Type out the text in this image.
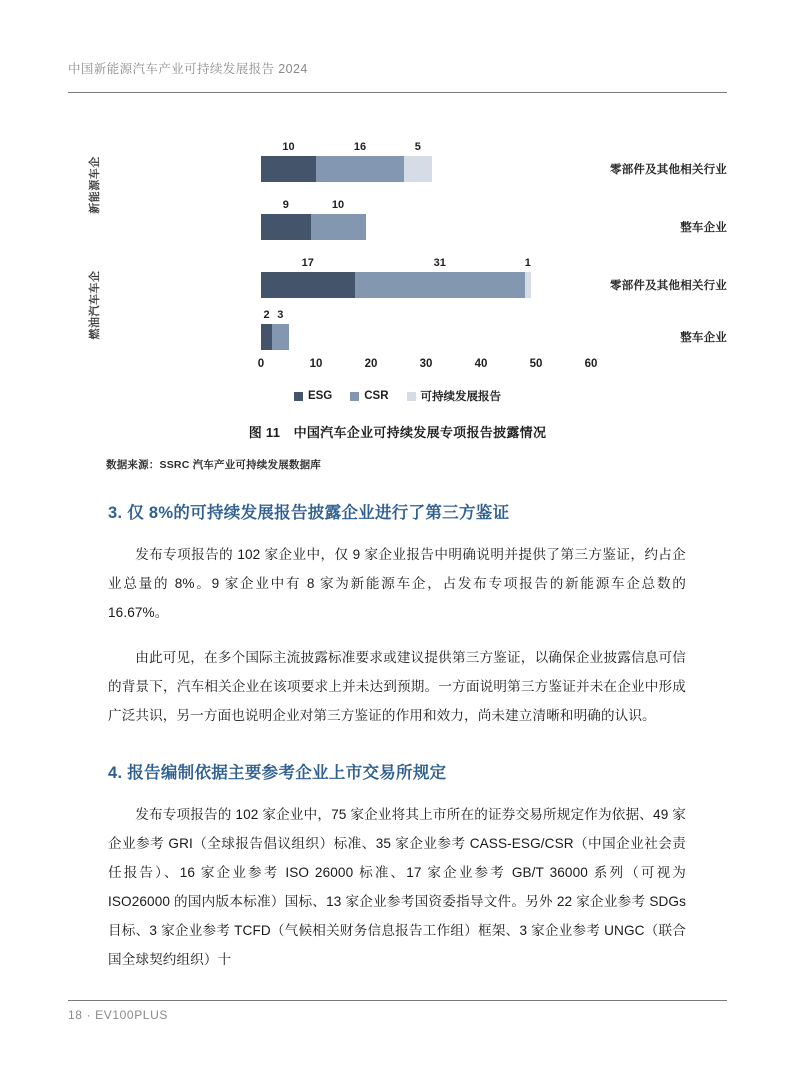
中国新能源汽车产业可持续发展报告 2024
新能源车企
燃油汽车车企
零部件及其他相关行业
整车企业
零部件及其他相关行业
整车企业
10	16	5
9	10
17	31	1
2 3
0	10	20	30	40	50	60
ESG	CSR	可持续发展报告
图 11　中国汽车企业可持续发展专项报告披露情况
数据来源：SSRC 汽车产业可持续发展数据库
3. 仅 8%的可持续发展报告披露企业进行了第三方鉴证

发布专项报告的 102 家企业中，仅 9 家企业报告中明确说明并提供了第三方鉴证，约占企业总量的 8%。9 家企业中有 8 家为新能源车企，占发布专项报告的新能源车企总数的 16.67%。

由此可见，在多个国际主流披露标准要求或建议提供第三方鉴证，以确保企业披露信息可信的背景下，汽车相关企业在该项要求上并未达到预期。一方面说明第三方鉴证并未在企业中形成广泛共识，另一方面也说明企业对第三方鉴证的作用和效力，尚未建立清晰和明确的认识。

4. 报告编制依据主要参考企业上市交易所规定

发布专项报告的 102 家企业中，75 家企业将其上市所在的证券交易所规定作为依据、49 家企业参考 GRI（全球报告倡议组织）标准、35 家企业参考 CASS-ESG/CSR（中国企业社会责任报告）、16 家企业参考 ISO 26000 标准、17 家企业参考 GB/T 36000 系列（可视为 ISO26000 的国内版本标准）国标、13 家企业参考国资委指导文件。另外 22 家企业参考 SDGs 目标、3 家企业参考 TCFD（气候相关财务信息报告工作组）框架、3 家企业参考 UNGC（联合国全球契约组织）十

18 · EV100PLUS
